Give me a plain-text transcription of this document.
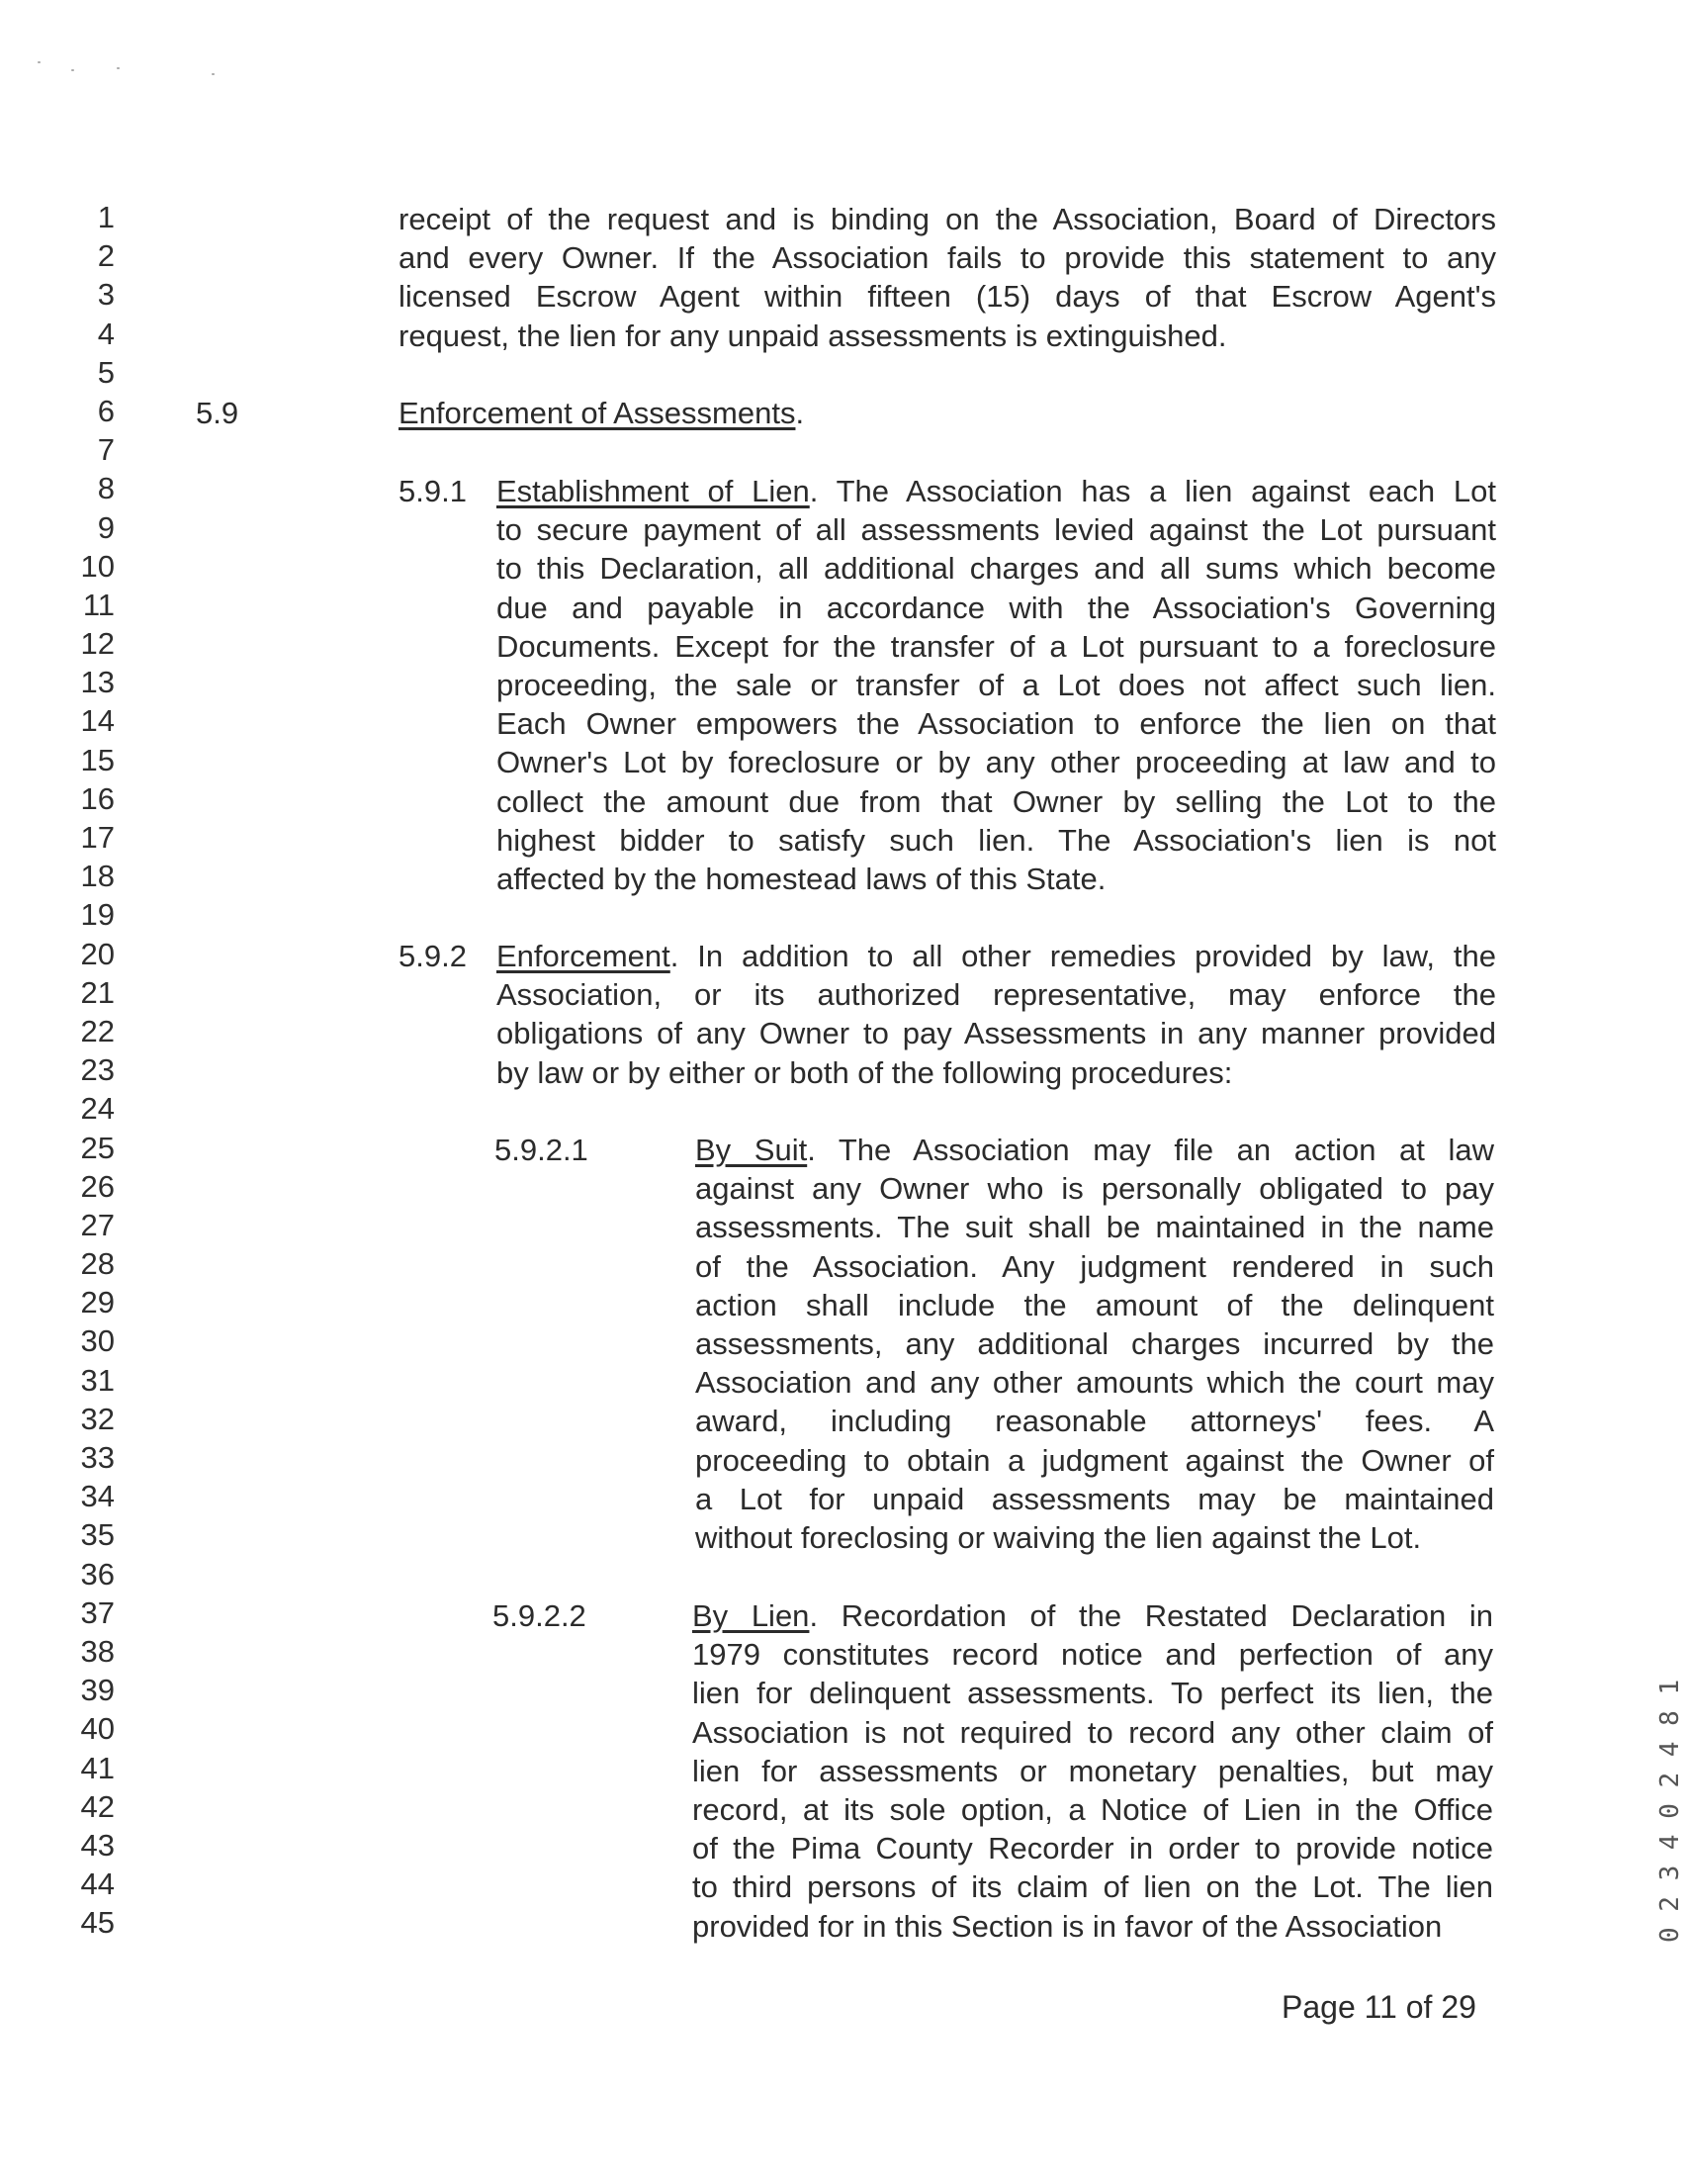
1
2
3
4
5
6
7
8
9
10
11
12
13
14
15
16
17
18
19
20
21
22
23
24
25
26
27
28
29
30
31
32
33
34
35
36
37
38
39
40
41
42
43
44
45
receipt of the request and is binding on the Association, Board of Directors
and every Owner. If the Association fails to provide this statement to any
licensed Escrow Agent within fifteen (15) days of that Escrow Agent's
request, the lien for any unpaid assessments is extinguished.
5.9	Enforcement of Assessments.
5.9.1 Establishment of Lien. The Association has a lien against each Lot
to secure payment of all assessments levied against the Lot pursuant
to this Declaration, all additional charges and all sums which become
due and payable in accordance with the Association's Governing
Documents. Except for the transfer of a Lot pursuant to a foreclosure
proceeding, the sale or transfer of a Lot does not affect such lien.
Each Owner empowers the Association to enforce the lien on that
Owner's Lot by foreclosure or by any other proceeding at law and to
collect the amount due from that Owner by selling the Lot to the
highest bidder to satisfy such lien. The Association's lien is not
affected by the homestead laws of this State.
5.9.2 Enforcement. In addition to all other remedies provided by law, the
Association, or its authorized representative, may enforce the
obligations of any Owner to pay Assessments in any manner provided
by law or by either or both of the following procedures:
5.9.2.1	By Suit. The Association may file an action at law
against any Owner who is personally obligated to pay
assessments. The suit shall be maintained in the name
of the Association. Any judgment rendered in such
action shall include the amount of the delinquent
assessments, any additional charges incurred by the
Association and any other amounts which the court may
award, including reasonable attorneys' fees. A
proceeding to obtain a judgment against the Owner of
a Lot for unpaid assessments may be maintained
without foreclosing or waiving the lien against the Lot.
5.9.2.2	By Lien. Recordation of the Restated Declaration in
1979 constitutes record notice and perfection of any
lien for delinquent assessments. To perfect its lien, the
Association is not required to record any other claim of
lien for assessments or monetary penalties, but may
record, at its sole option, a Notice of Lien in the Office
of the Pima County Recorder in order to provide notice
to third persons of its claim of lien on the Lot. The lien
provided for in this Section is in favor of the Association
Page 11 of 29
0 2 3 4 0 2 4 8 1
